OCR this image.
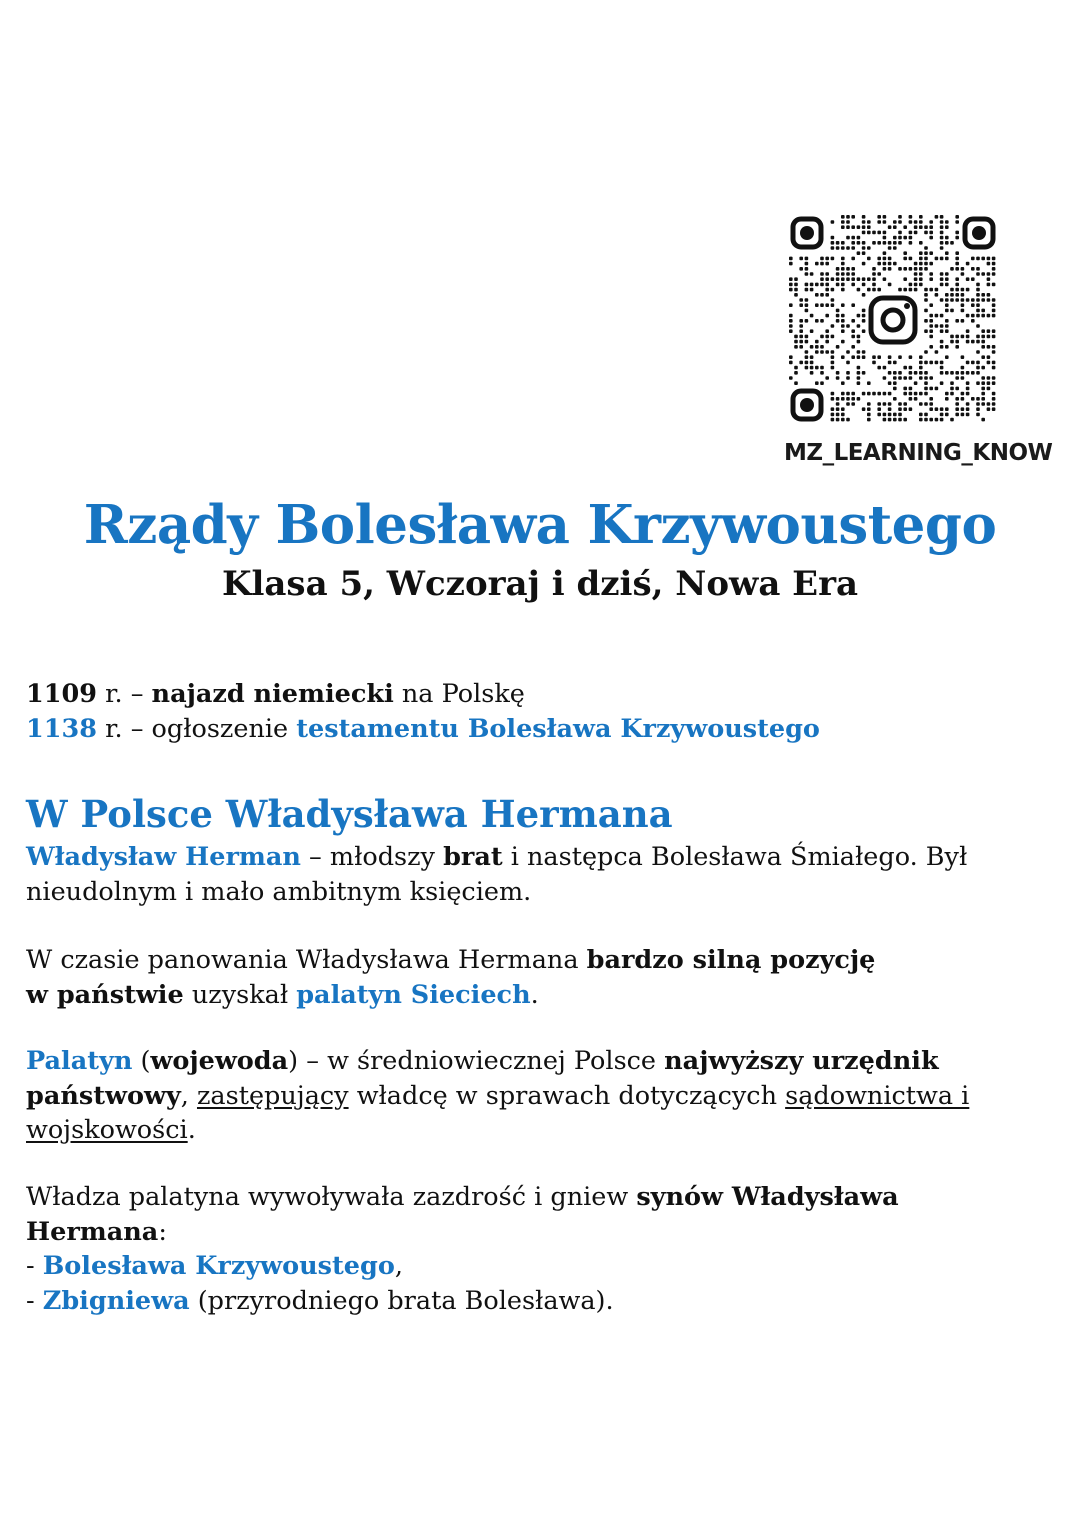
MZ_LEARNING_KNOW
Rządy Bolesława Krzywoustego
Klasa 5, Wczoraj i dziś, Nowa Era
1109 r. – najazd niemiecki na Polskę
1138 r. – ogłoszenie testamentu Bolesława Krzywoustego
W Polsce Władysława Hermana
Władysław Herman – młodszy brat i następca Bolesława Śmiałego. Był
nieudolnym i mało ambitnym księciem.
W czasie panowania Władysława Hermana bardzo silną pozycję
w państwie uzyskał palatyn Sieciech.
Palatyn (wojewoda) – w średniowiecznej Polsce najwyższy urzędnik
państwowy, zastępujący władcę w sprawach dotyczących sądownictwa i
wojskowości.
Władza palatyna wywoływała zazdrość i gniew synów Władysława
Hermana:
- Bolesława Krzywoustego,
- Zbigniewa (przyrodniego brata Bolesława).
